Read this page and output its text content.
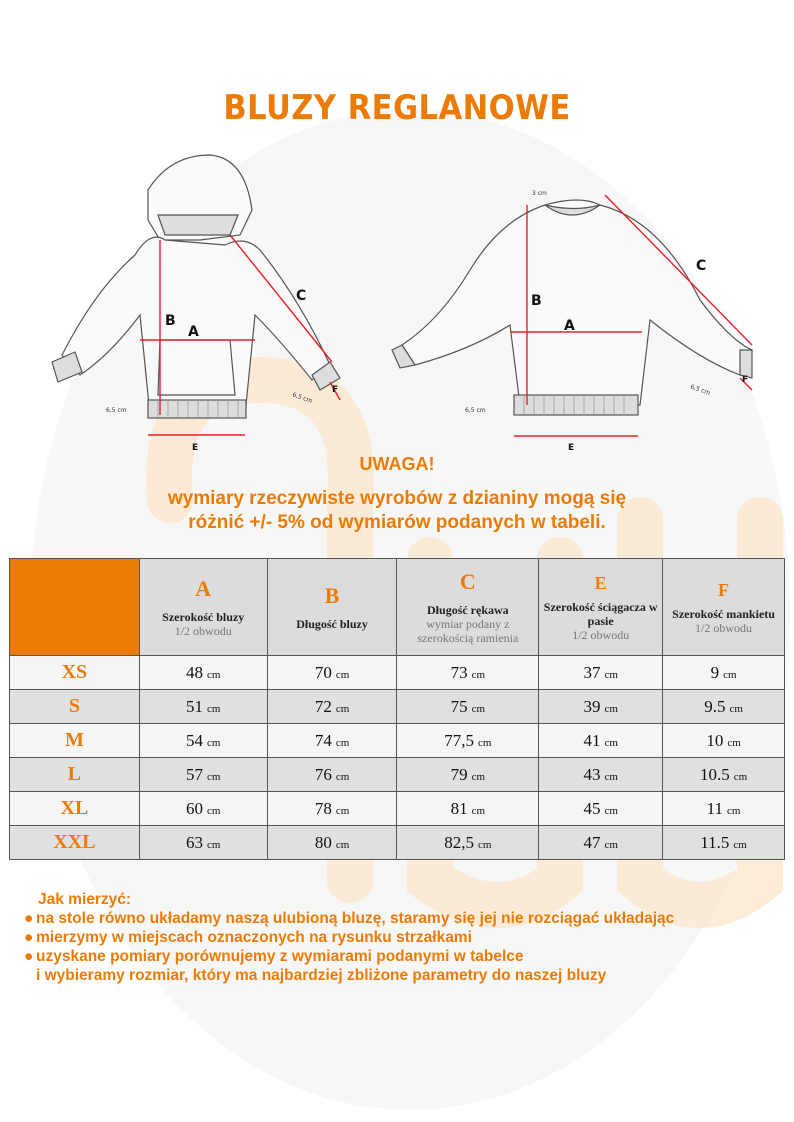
BLUZY REGLANOWE
B
A
C
E
F
6,5 cm
6,5 cm
B
A
C
E
F
3 cm
6,5 cm
6,5 cm
UWAGA!
wymiary rzeczywiste wyrobów z dzianiny mogą się
różnić +/- 5% od wymiarów podanych w tabeli.

	A
Szerokość bluzy
1/2 obwodu	B
Długość bluzy	C
Długość rękawa
wymiar podany z szerokością ramienia	E
Szerokość ściągacza w pasie
1/2 obwodu	F
Szerokość mankietu
1/2 obwodu

XS	48 cm	70 cm	73 cm	37 cm	9 cm
S	51 cm	72 cm	75 cm	39 cm	9.5 cm
M	54 cm	74 cm	77,5 cm	41 cm	10 cm
L	57 cm	76 cm	79 cm	43 cm	10.5 cm
XL	60 cm	78 cm	81 cm	45 cm	11 cm
XXL	63 cm	80 cm	82,5 cm	47 cm	11.5 cm
Jak mierzyć:
● na stole równo układamy naszą ulubioną bluzę, staramy się jej nie rozciągać układając
● mierzymy w miejscach oznaczonych na rysunku strzałkami
● uzyskane pomiary porównujemy z wymiarami podanymi w tabelce
i wybieramy rozmiar, który ma najbardziej zbliżone parametry do naszej bluzy
